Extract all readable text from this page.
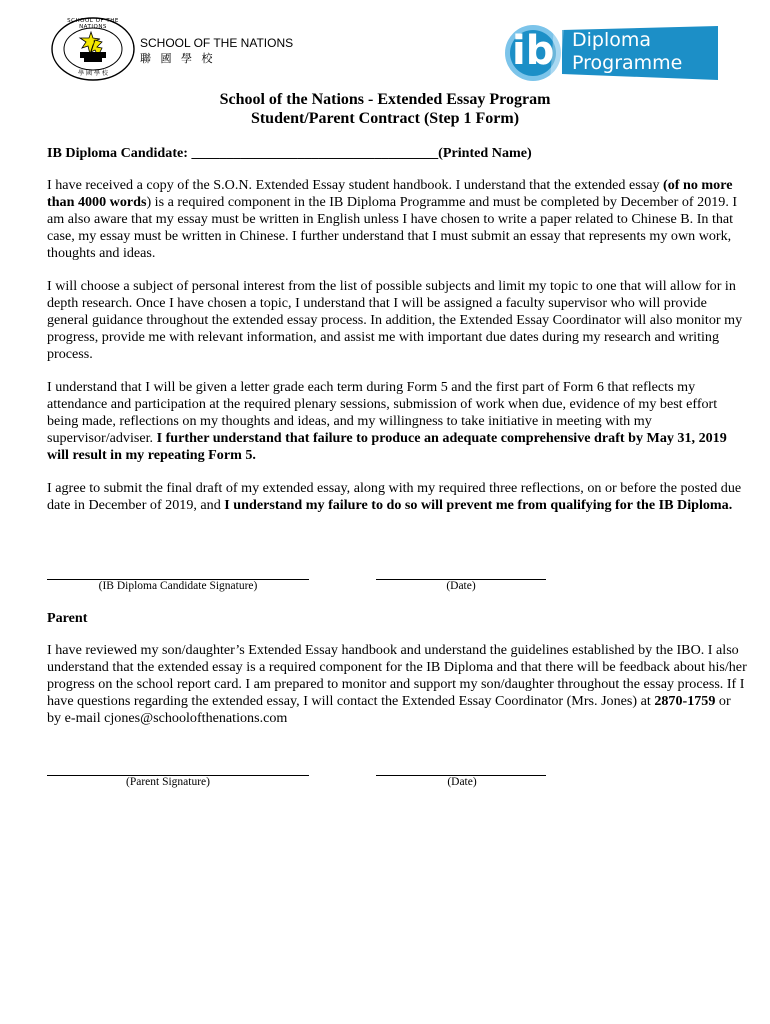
SCHOOL OF THE NATIONS
學 國 學 校
SCHOOL OF THE NATIONS
聯 國 學 校	ib Diploma
Programme
School of the Nations - Extended Essay Program
Student/Parent Contract (Step 1 Form)
IB Diploma Candidate: ___________________________________(Printed Name)

I have received a copy of the S.O.N. Extended Essay student handbook. I understand that the extended essay (of no more than 4000 words) is a required component in the IB Diploma Programme and must be completed by December of 2019. I am also aware that my essay must be written in English unless I have chosen to write a paper related to Chinese B. In that case, my essay must be written in Chinese. I further understand that I must submit an essay that represents my own work, thoughts and ideas.

I will choose a subject of personal interest from the list of possible subjects and limit my topic to one that will allow for in depth research. Once I have chosen a topic, I understand that I will be assigned a faculty supervisor who will provide general guidance throughout the extended essay process. In addition, the Extended Essay Coordinator will also monitor my progress, provide me with relevant information, and assist me with important due dates during my research and writing process.

I understand that I will be given a letter grade each term during Form 5 and the first part of Form 6 that reflects my attendance and participation at the required plenary sessions, submission of work when due, evidence of my best effort being made, reflections on my thoughts and ideas, and my willingness to take initiative in meeting with my supervisor/adviser. I further understand that failure to produce an adequate comprehensive draft by May 31, 2019 will result in my repeating Form 5.

I agree to submit the final draft of my extended essay, along with my required three reflections, on or before the posted due date in December of 2019, and I understand my failure to do so will prevent me from qualifying for the IB Diploma.

(IB Diploma Candidate Signature)	(Date)
Parent

I have reviewed my son/daughter’s Extended Essay handbook and understand the guidelines established by the IBO. I also understand that the extended essay is a required component for the IB Diploma and that there will be feedback about his/her progress on the school report card. I am prepared to monitor and support my son/daughter throughout the essay process. If I have questions regarding the extended essay, I will contact the Extended Essay Coordinator (Mrs. Jones) at 2870-1759 or by e-mail cjones@schoolofthenations.com

(Parent Signature)	(Date)
